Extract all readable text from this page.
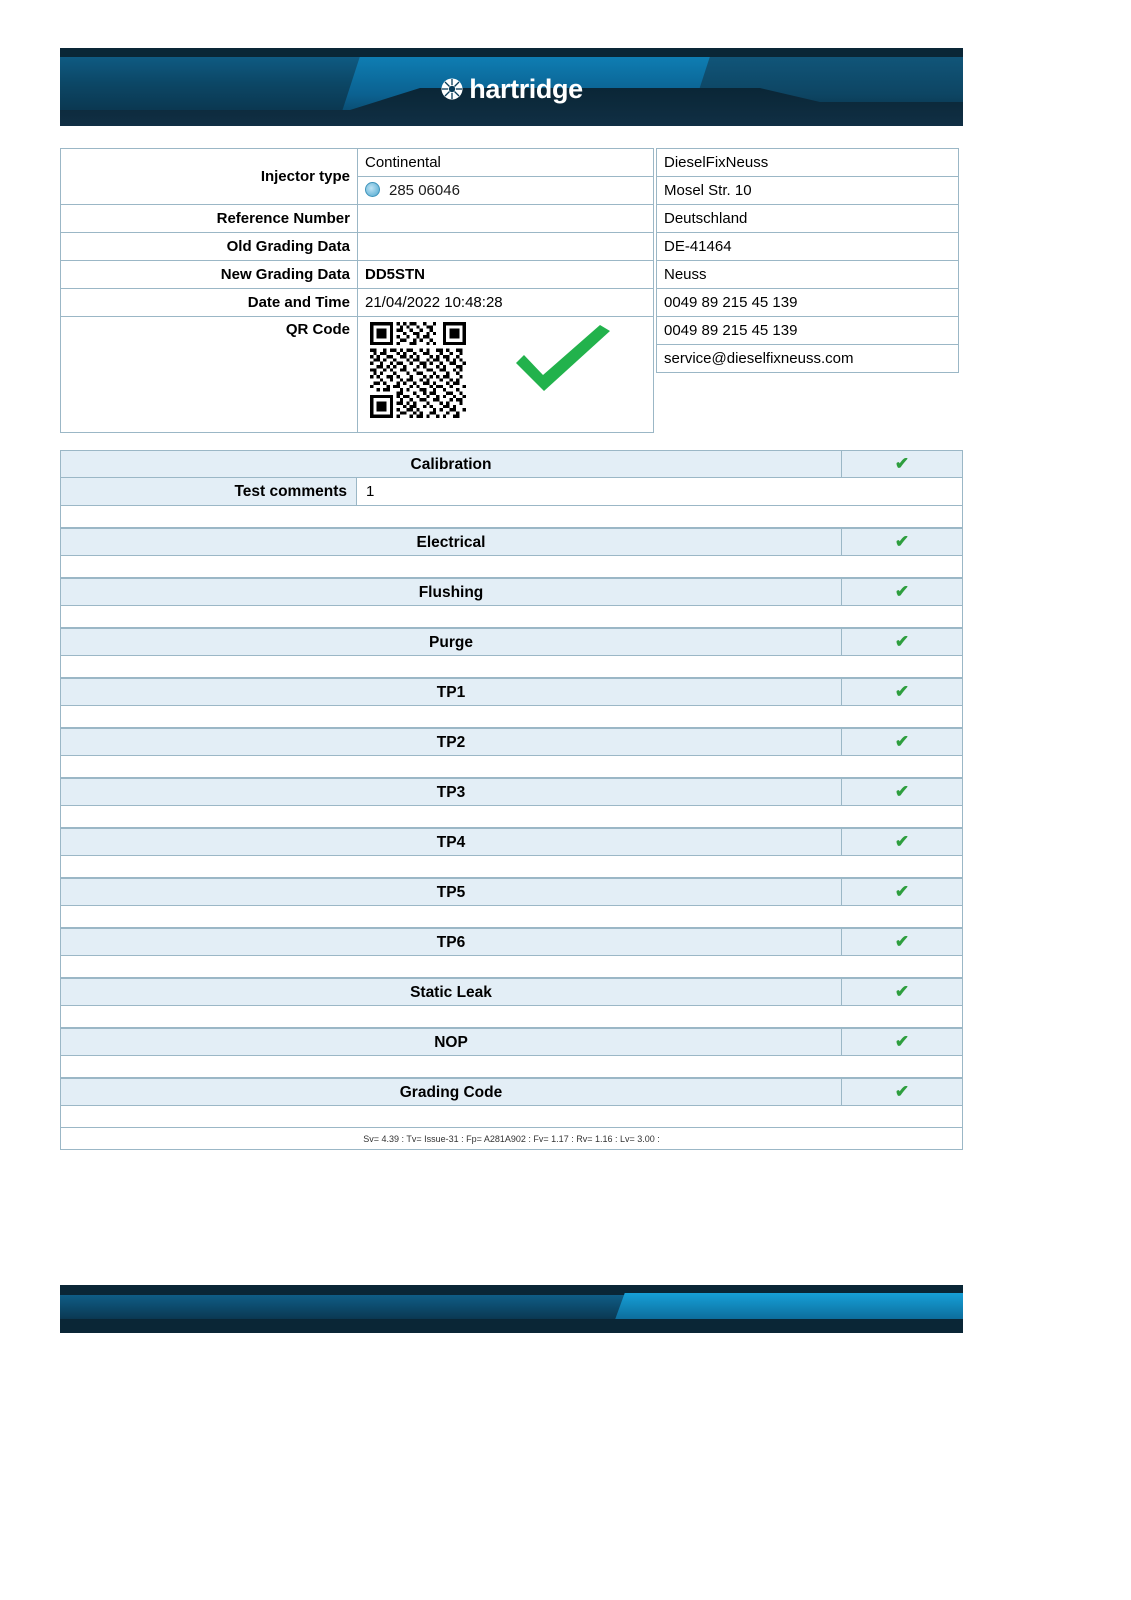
hartridge
Injector type	Continental
	285 06046
Reference Number	
Old Grading Data	
New Grading Data	DD5STN
Date and Time	21/04/2022 10:48:28
QR Code	
DieselFixNeuss
Mosel Str. 10
Deutschland
DE-41464
Neuss
0049 89 215 45 139
0049 89 215 45 139
service@dieselfixneuss.com
Calibration	✔
Test comments	1
Electrical	✔
Flushing	✔
Purge	✔
TP1	✔
TP2	✔
TP3	✔
TP4	✔
TP5	✔
TP6	✔
Static Leak	✔
NOP	✔
Grading Code	✔
Sv= 4.39 : Tv= Issue-31 : Fp= A281A902 : Fv= 1.17 : Rv= 1.16 : Lv= 3.00 :
